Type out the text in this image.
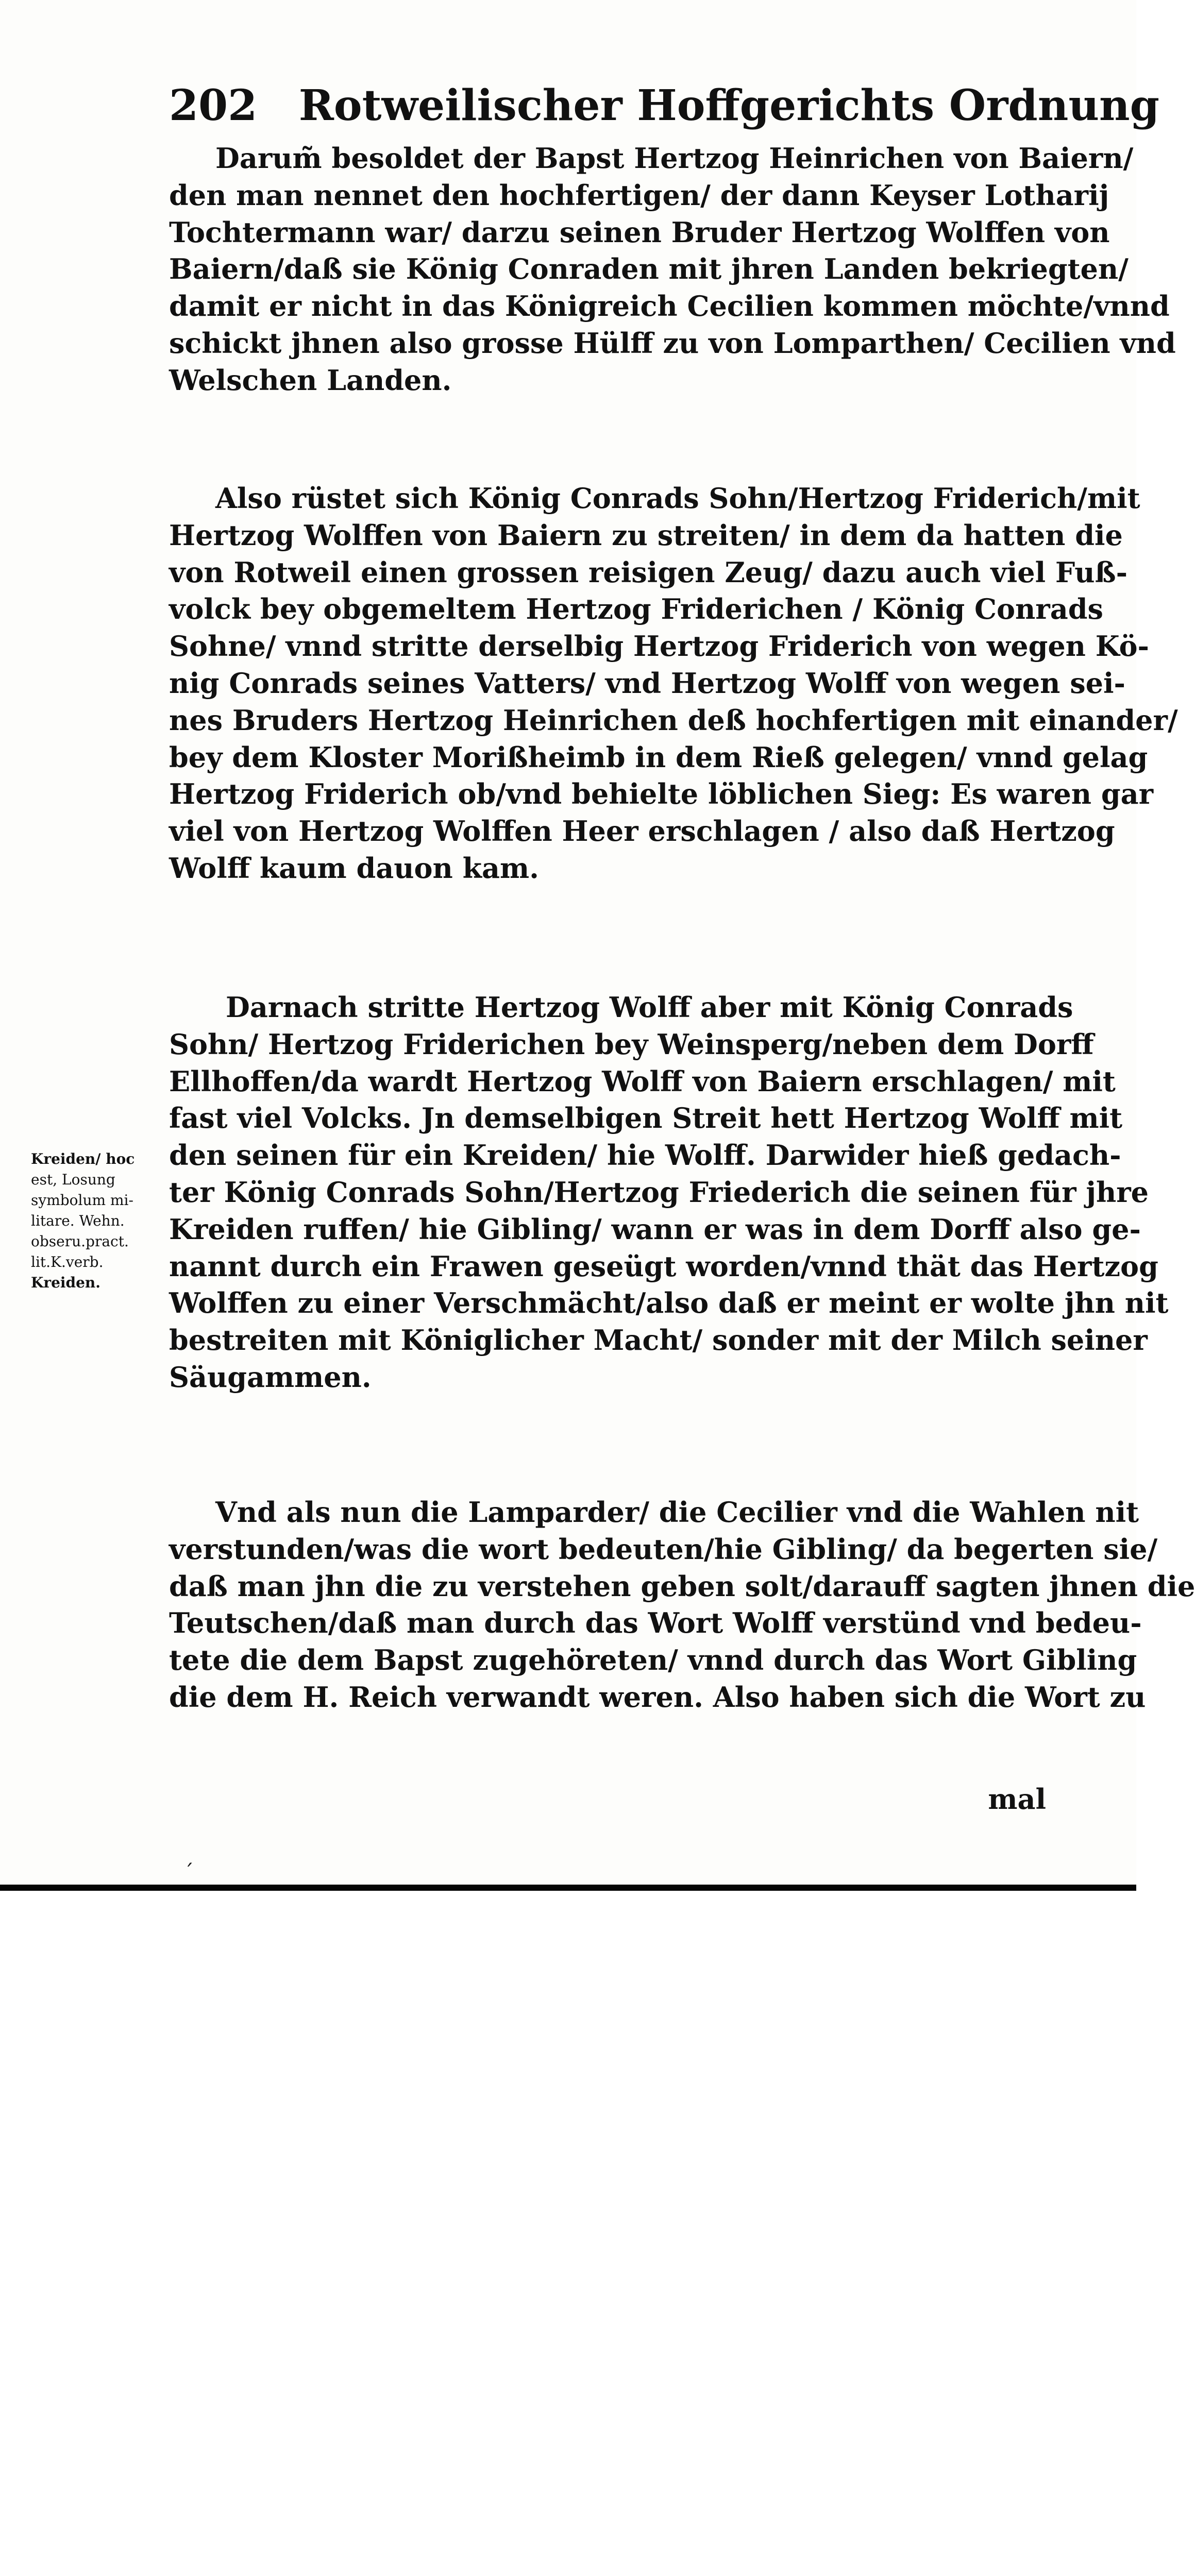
202 Rotweilischer Hoffgerichts Ordnung
Darum̃ besoldet der Bapst Hertzog Heinrichen von Baiern/
den man nennet den hochfertigen/ der dann Keyser Lotharij
Tochtermann war/ darzu seinen Bruder Hertzog Wolffen von
Baiern/daß sie König Conraden mit jhren Landen bekriegten/
damit er nicht in das Königreich Cecilien kommen möchte/vnnd
schickt jhnen also grosse Hülff zu von Lomparthen/ Cecilien vnd
Welschen Landen.
Also rüstet sich König Conrads Sohn/Hertzog Friderich/mit
Hertzog Wolffen von Baiern zu streiten/ in dem da hatten die
von Rotweil einen grossen reisigen Zeug/ dazu auch viel Fuß-
volck bey obgemeltem Hertzog Friderichen / König Conrads
Sohne/ vnnd stritte derselbig Hertzog Friderich von wegen Kö-
nig Conrads seines Vatters/ vnd Hertzog Wolff von wegen sei-
nes Bruders Hertzog Heinrichen deß hochfertigen mit einander/
bey dem Kloster Morißheimb in dem Rieß gelegen/ vnnd gelag
Hertzog Friderich ob/vnd behielte löblichen Sieg: Es waren gar
viel von Hertzog Wolffen Heer erschlagen / also daß Hertzog
Wolff kaum dauon kam.
Darnach stritte Hertzog Wolff aber mit König Conrads
Sohn/ Hertzog Friderichen bey Weinsperg/neben dem Dorff
Ellhoffen/da wardt Hertzog Wolff von Baiern erschlagen/ mit
fast viel Volcks. Jn demselbigen Streit hett Hertzog Wolff mit
den seinen für ein Kreiden/ hie Wolff. Darwider hieß gedach-
ter König Conrads Sohn/Hertzog Friederich die seinen für jhre
Kreiden ruffen/ hie Gibling/ wann er was in dem Dorff also ge-
nannt durch ein Frawen geseügt worden/vnnd thät das Hertzog
Wolffen zu einer Verschmächt/also daß er meint er wolte jhn nit
bestreiten mit Königlicher Macht/ sonder mit der Milch seiner
Säugammen.
Vnd als nun die Lamparder/ die Cecilier vnd die Wahlen nit
verstunden/was die wort bedeuten/hie Gibling/ da begerten sie/
daß man jhn die zu verstehen geben solt/darauff sagten jhnen die
Teutschen/daß man durch das Wort Wolff verstünd vnd bedeu-
tete die dem Bapst zugehöreten/ vnnd durch das Wort Gibling
die dem H. Reich verwandt weren. Also haben sich die Wort zu
mal
Kreiden/ hoc
est, Losung
symbolum mi-
litare. Wehn.
obseru.pract.
lit.K.verb.
Kreiden.
´
